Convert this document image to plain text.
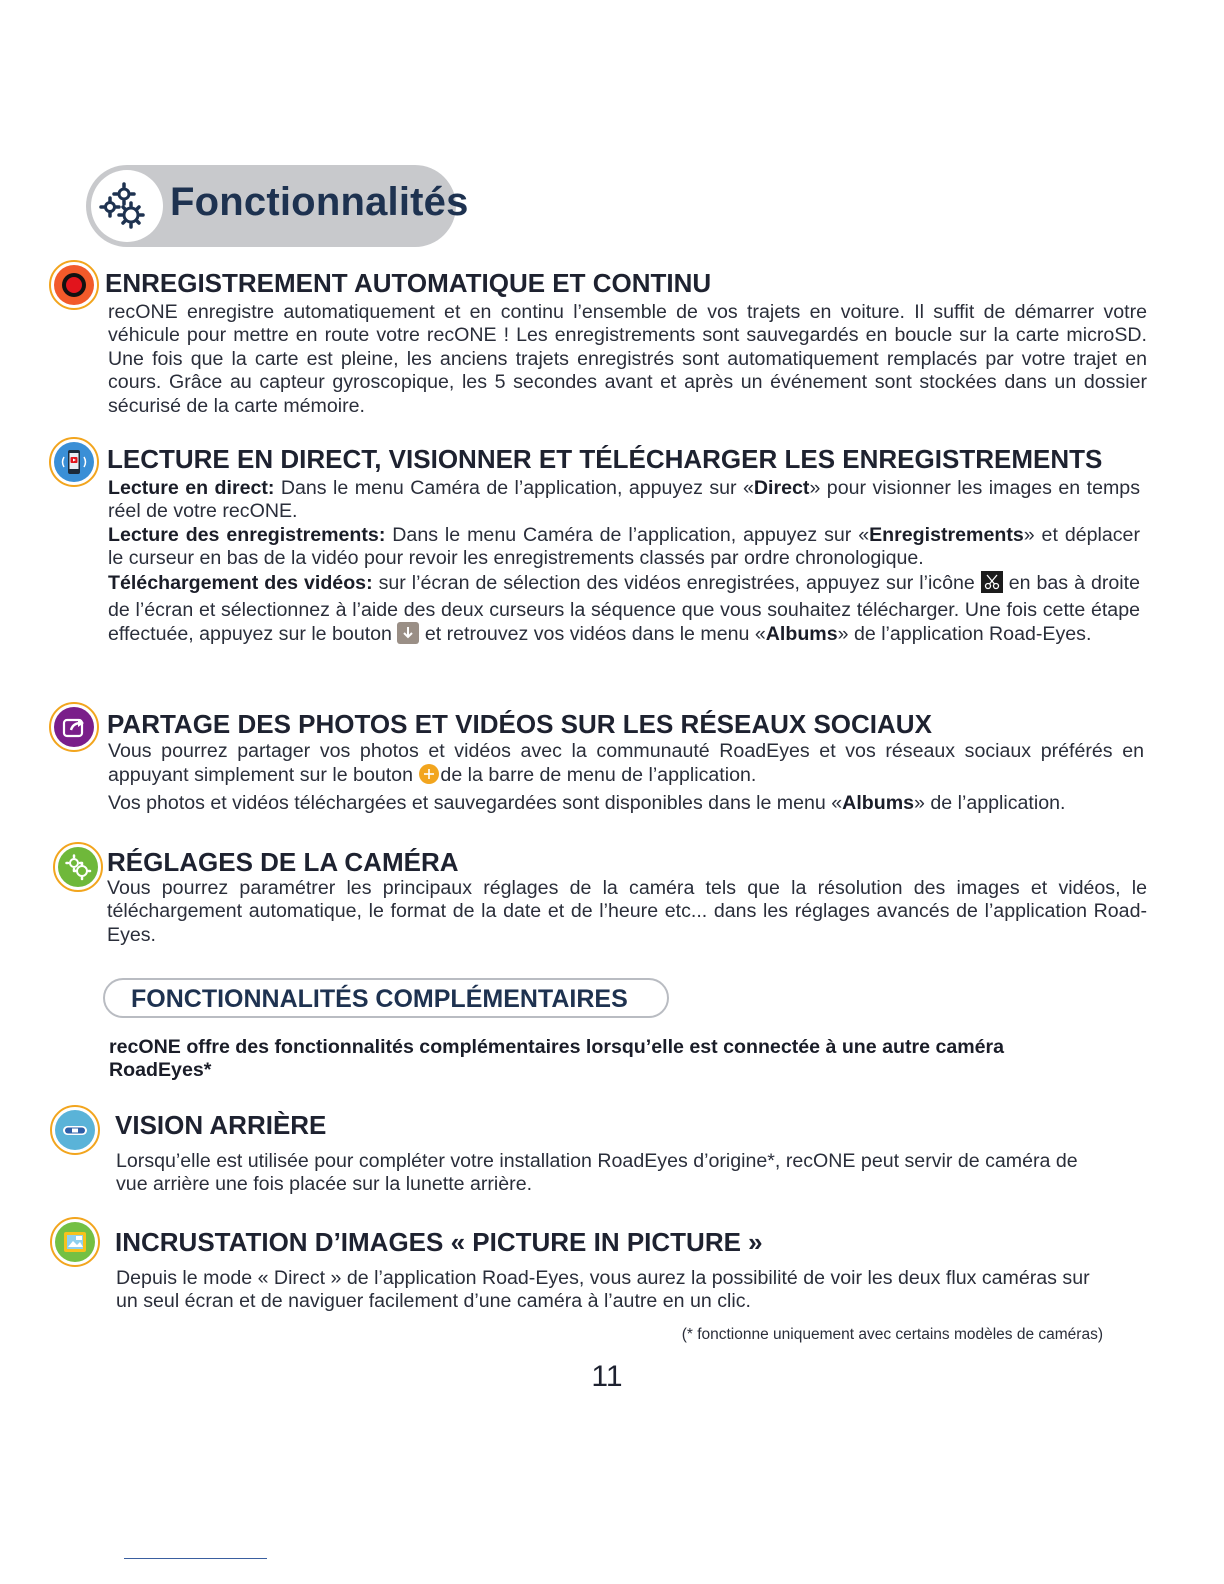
Fonctionnalités
ENREGISTREMENT AUTOMATIQUE ET CONTINU
recONE enregistre automatiquement et en continu l’ensemble de vos trajets en voiture. Il suffit de démarrer votre véhicule pour mettre en route votre recONE ! Les enregistrements sont sauvegardés en boucle sur la carte microSD. Une fois que la carte est pleine, les anciens trajets enregistrés sont automatiquement remplacés par votre trajet en cours. Grâce au capteur gyroscopique, les 5 secondes avant et après un événement sont stockées dans un dossier sécurisé de la carte mémoire.
LECTURE EN DIRECT, VISIONNER ET TÉLÉCHARGER LES ENREGISTREMENTS
Lecture en direct: Dans le menu Caméra de l’application, appuyez sur «Direct» pour visionner les images en temps réel de votre recONE.
Lecture des enregistrements: Dans le menu Caméra de l’application, appuyez sur «Enregistrements» et déplacer le curseur en bas de la vidéo pour revoir les enregistrements classés par ordre chronologique.
Téléchargement des vidéos: sur l’écran de sélection des vidéos enregistrées, appuyez sur l’icône  en bas à droite de l’écran et sélectionnez à l’aide des deux curseurs la séquence que vous souhaitez télécharger. Une fois cette étape effectuée, appuyez sur le bouton  et retrouvez vos vidéos dans le menu «Albums» de l’application Road-Eyes.
PARTAGE DES PHOTOS ET VIDÉOS SUR LES RÉSEAUX SOCIAUX
Vous pourrez partager vos photos et vidéos avec la communauté RoadEyes et vos réseaux sociaux préférés en appuyant simplement sur le bouton de la barre de menu de l’application.
Vos photos et vidéos téléchargées et sauvegardées sont disponibles dans le menu «Albums» de l’application.
RÉGLAGES DE LA CAMÉRA
Vous pourrez paramétrer les principaux réglages de la caméra tels que la résolution des images et vidéos, le téléchargement automatique, le format de la date et de l’heure etc... dans les réglages avancés de l’application Road-Eyes.
FONCTIONNALITÉS COMPLÉMENTAIRES
recONE offre des fonctionnalités complémentaires lorsqu’elle est connectée à une autre caméra RoadEyes*
VISION ARRIÈRE
Lorsqu’elle est utilisée pour compléter votre installation RoadEyes d’origine*, recONE peut servir de caméra de vue arrière une fois placée sur la lunette arrière.
INCRUSTATION D’IMAGES « PICTURE IN PICTURE »
Depuis le mode « Direct » de l’application Road-Eyes, vous aurez la possibilité de voir les deux flux caméras sur un seul écran et de naviguer facilement d’une caméra à l’autre en un clic.
(* fonctionne uniquement avec certains modèles de caméras)
11
